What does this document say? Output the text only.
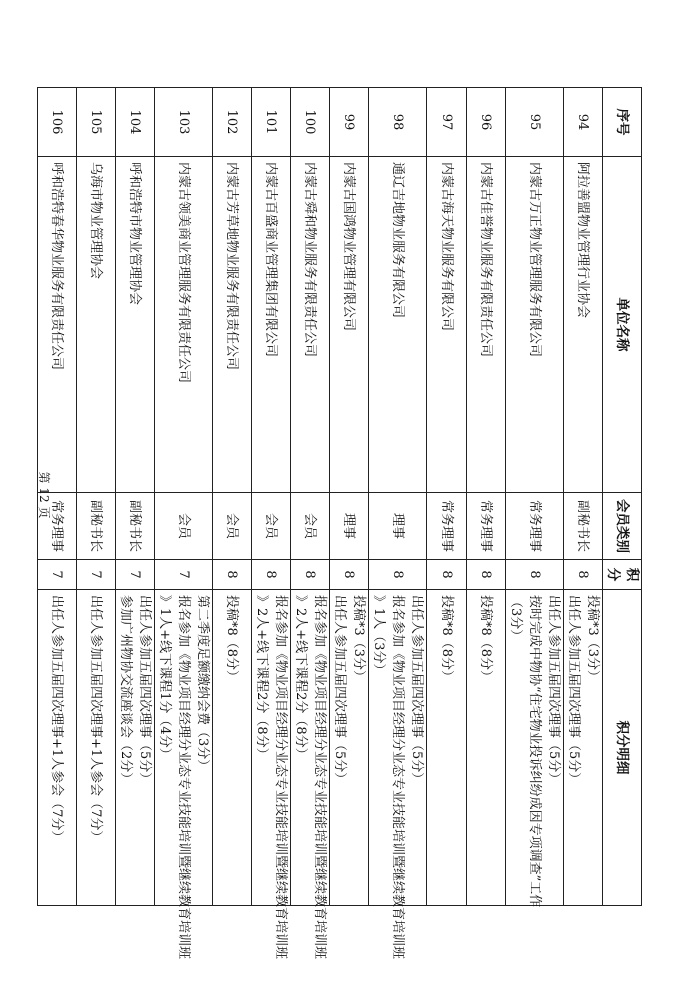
序号	单位名称	会员类别	积分	积分明细
94	阿拉善盟物业管理行业协会	副秘书长	8	投稿*3（3分）
出任人参加五届四次理事（5分）

95	内蒙古万正物业管理服务有限公司	常务理事	8	出任人参加五届四次理事（5分）
按时完成中物协“住宅物业投诉纠纷成因专项调查”工作
（3分）

96	内蒙古佳誉物业服务有限责任公司	常务理事	8	投稿*8（8分）

97	内蒙古海天物业服务有限公司	常务理事	8	投稿*8（8分）

98	通辽吉地物业服务有限公司	理事	8	出任人参加五届四次理事（5分）
报名参加《物业项目经理分业态专业技能培训暨继续教育培训班
》1人（3分）

99	内蒙古国鸿物业管理有限公司	理事	8	投稿*3（3分）
出任人参加五届四次理事（5分）

100	内蒙古舜和物业服务有限责任公司	会员	8	报名参加《物业项目经理分业态专业技能培训暨继续教育培训班
》2人+线下课程2分（8分）

101	内蒙古百盛商业管理集团有限公司	会员	8	报名参加《物业项目经理分业态专业技能培训暨继续教育培训班
》2人+线下课程2分（8分）

102	内蒙古芳草地物业服务有限责任公司	会员	8	投稿*8（8分）

103	内蒙古领美商业管理服务有限责任公司	会员	7	第二季度足额缴纳会费（3分）
报名参加《物业项目经理分业态专业技能培训暨继续教育培训班
》1人+线下课程1分（4分）

104	呼和浩特市物业管理协会	副秘书长	7	出任人参加五届四次理事（5分）
参加广州物协交流座谈会（2分）

105	乌海市物业管理协会	副秘书长	7	出任人参加五届四次理事+1人参会（7分）

106	呼和浩特春华物业服务有限责任公司	常务理事	7	出任人参加五届四次理事+1人参会（7分）
第 12 页
